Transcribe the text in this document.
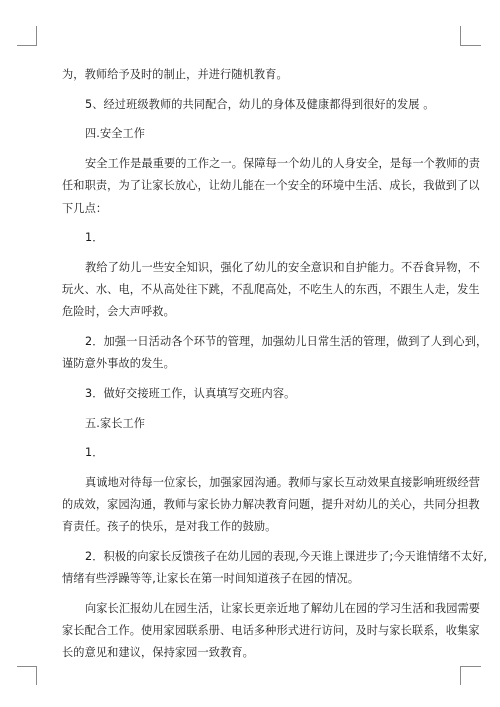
为，教师给予及时的制止，并进行随机教育。
5、经过班级教师的共同配合，幼儿的身体及健康都得到很好的发展 。
四.安全工作
安全工作是最重要的工作之一。保障每一个幼儿的人身安全，是每一个教师的责
任和职责，为了让家长放心，让幼儿能在一个安全的环境中生活、成长，我做到了以
下几点：
1．
教给了幼儿一些安全知识，强化了幼儿的安全意识和自护能力。不吞食异物，不
玩火、水、电，不从高处往下跳，不乱爬高处，不吃生人的东西，不跟生人走，发生
危险时，会大声呼救。
2．加强一日活动各个环节的管理，加强幼儿日常生活的管理，做到了人到心到，
谨防意外事故的发生。
3．做好交接班工作，认真填写交班内容。
五.家长工作
1．
真诚地对待每一位家长，加强家园沟通。教师与家长互动效果直接影响班级经营
的成效，家园沟通，教师与家长协力解决教育问题，提升对幼儿的关心，共同分担教
育责任。孩子的快乐，是对我工作的鼓励。
2．积极的向家长反馈孩子在幼儿园的表现,今天谁上课进步了;今天谁情绪不太好,
情绪有些浮躁等等,让家长在第一时间知道孩子在园的情况。
向家长汇报幼儿在园生活，让家长更亲近地了解幼儿在园的学习生活和我园需要
家长配合工作。使用家园联系册、电话多种形式进行访问，及时与家长联系，收集家
长的意见和建议，保持家园一致教育。
